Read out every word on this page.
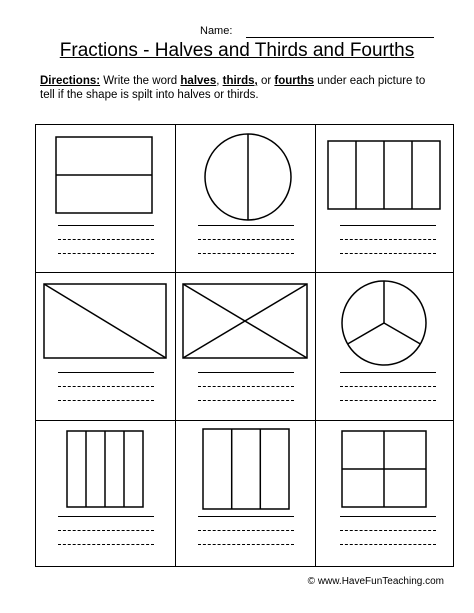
Name:
Fractions - Halves and Thirds and Fourths
Directions: Write the word halves, thirds, or fourths under each picture to tell if the shape is spilt into halves or thirds.
© www.HaveFunTeaching.com
